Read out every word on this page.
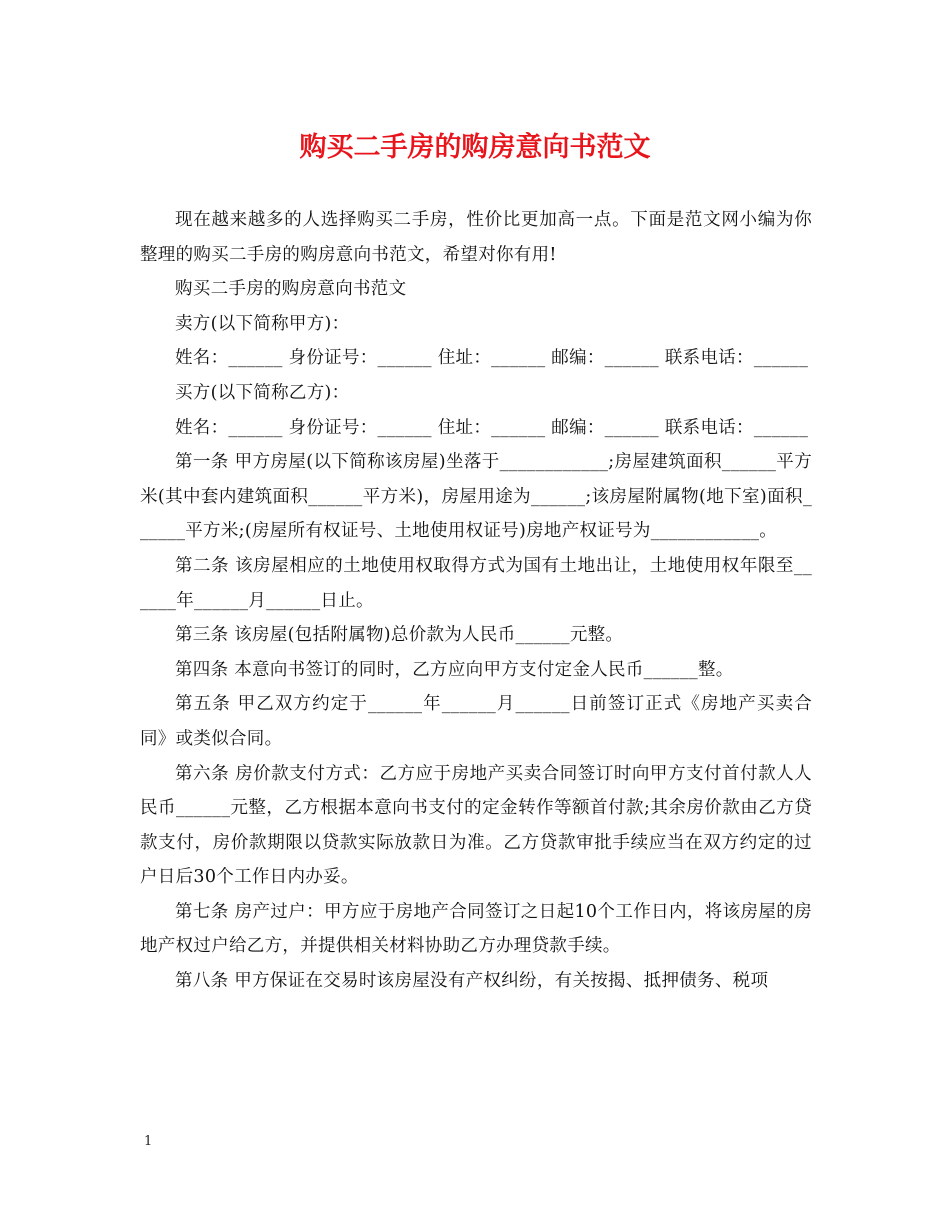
购买二手房的购房意向书范文

现在越来越多的人选择购买二手房，性价比更加高一点。下面是范文网小编为你整理的购买二手房的购房意向书范文，希望对你有用!

购买二手房的购房意向书范文

卖方(以下简称甲方)：

姓名：______ 身份证号：______ 住址：______ 邮编：______ 联系电话：______

买方(以下简称乙方)：

姓名：______ 身份证号：______ 住址：______ 邮编：______ 联系电话：______

第一条 甲方房屋(以下简称该房屋)坐落于____________;房屋建筑面积______平方米(其中套内建筑面积______平方米)，房屋用途为______;该房屋附属物(地下室)面积______平方米;(房屋所有权证号、土地使用权证号)房地产权证号为____________。

第二条 该房屋相应的土地使用权取得方式为国有土地出让，土地使用权年限至______年______月______日止。

第三条 该房屋(包括附属物)总价款为人民币______元整。

第四条 本意向书签订的同时，乙方应向甲方支付定金人民币______整。

第五条 甲乙双方约定于______年______月______日前签订正式《房地产买卖合同》或类似合同。

第六条 房价款支付方式：乙方应于房地产买卖合同签订时向甲方支付首付款人人民币______元整，乙方根据本意向书支付的定金转作等额首付款;其余房价款由乙方贷款支付，房价款期限以贷款实际放款日为准。乙方贷款审批手续应当在双方约定的过户日后30个工作日内办妥。

第七条 房产过户：甲方应于房地产合同签订之日起10个工作日内，将该房屋的房地产权过户给乙方，并提供相关材料协助乙方办理贷款手续。

第八条 甲方保证在交易时该房屋没有产权纠纷，有关按揭、抵押债务、税项

1
